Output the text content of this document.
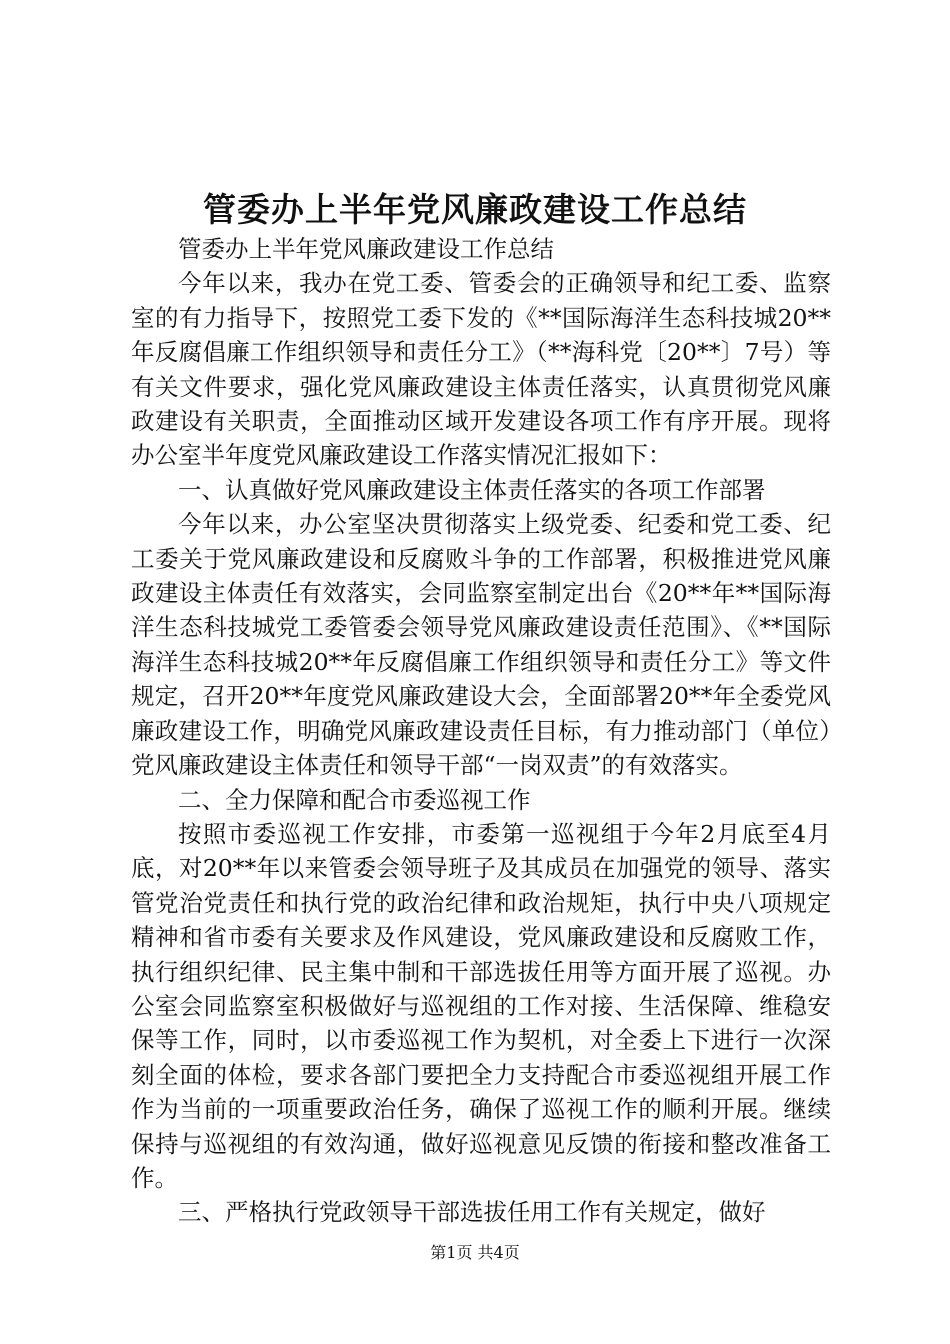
管委办上半年党风廉政建设工作总结

管委办上半年党风廉政建设工作总结

今年以来，我办在党工委、管委会的正确领导和纪工委、监察室的有力指导下，按照党工委下发的《**国际海洋生态科技城20**年反腐倡廉工作组织领导和责任分工》（**海科党〔20**〕7号）等有关文件要求，强化党风廉政建设主体责任落实，认真贯彻党风廉政建设有关职责，全面推动区域开发建设各项工作有序开展。现将办公室半年度党风廉政建设工作落实情况汇报如下：

一、认真做好党风廉政建设主体责任落实的各项工作部署

今年以来，办公室坚决贯彻落实上级党委、纪委和党工委、纪工委关于党风廉政建设和反腐败斗争的工作部署，积极推进党风廉政建设主体责任有效落实，会同监察室制定出台《20**年**国际海洋生态科技城党工委管委会领导党风廉政建设责任范围》、《**国际海洋生态科技城20**年反腐倡廉工作组织领导和责任分工》等文件规定，召开20**年度党风廉政建设大会，全面部署20**年全委党风廉政建设工作，明确党风廉政建设责任目标，有力推动部门（单位）党风廉政建设主体责任和领导干部“一岗双责”的有效落实。

二、全力保障和配合市委巡视工作

按照市委巡视工作安排，市委第一巡视组于今年2月底至4月底，对20**年以来管委会领导班子及其成员在加强党的领导、落实管党治党责任和执行党的政治纪律和政治规矩，执行中央八项规定精神和省市委有关要求及作风建设，党风廉政建设和反腐败工作，执行组织纪律、民主集中制和干部选拔任用等方面开展了巡视。办公室会同监察室积极做好与巡视组的工作对接、生活保障、维稳安保等工作，同时，以市委巡视工作为契机，对全委上下进行一次深刻全面的体检，要求各部门要把全力支持配合市委巡视组开展工作作为当前的一项重要政治任务，确保了巡视工作的顺利开展。继续保持与巡视组的有效沟通，做好巡视意见反馈的衔接和整改准备工作。

三、严格执行党政领导干部选拔任用工作有关规定，做好

第1页 共4页
